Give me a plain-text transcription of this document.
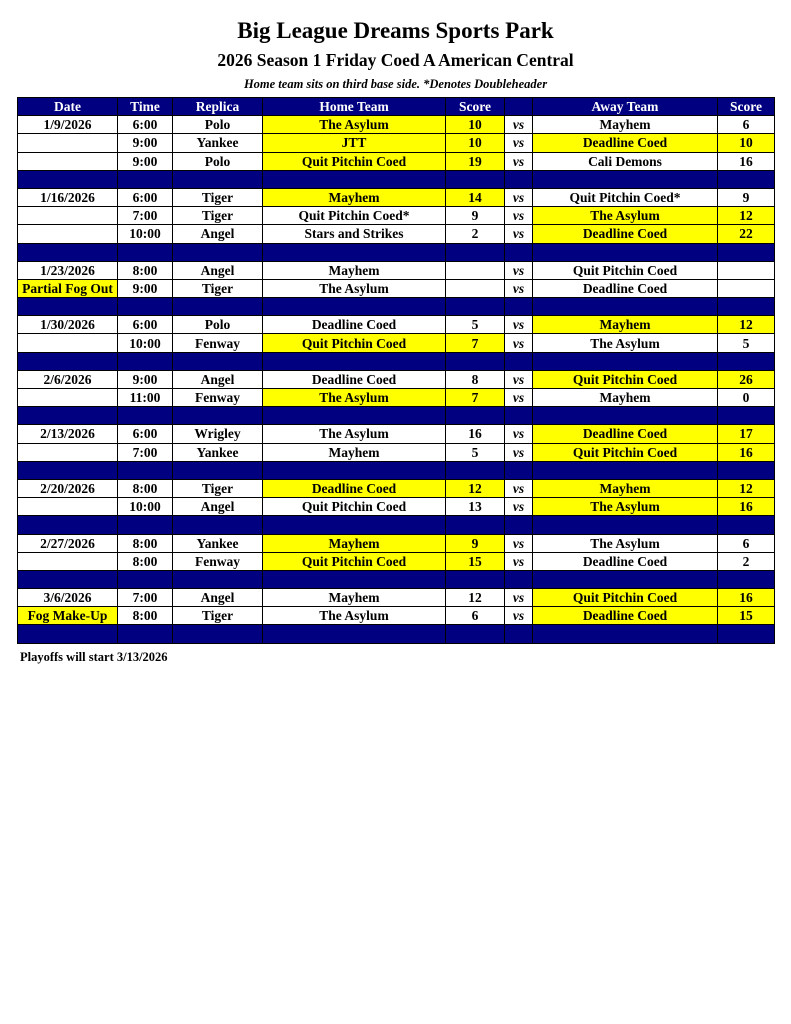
Big League Dreams Sports Park
2026 Season 1 Friday Coed A American Central
Home team sits on third base side. *Denotes Doubleheader
Date	Time	Replica	Home Team	Score		Away Team	Score
1/9/2026	6:00	Polo	The Asylum	10	vs	Mayhem	6
	9:00	Yankee	JTT	10	vs	Deadline Coed	10
	9:00	Polo	Quit Pitchin Coed	19	vs	Cali Demons	16

1/16/2026	6:00	Tiger	Mayhem	14	vs	Quit Pitchin Coed*	9
	7:00	Tiger	Quit Pitchin Coed*	9	vs	The Asylum	12
	10:00	Angel	Stars and Strikes	2	vs	Deadline Coed	22

1/23/2026	8:00	Angel	Mayhem		vs	Quit Pitchin Coed	
Partial Fog Out	9:00	Tiger	The Asylum		vs	Deadline Coed	

1/30/2026	6:00	Polo	Deadline Coed	5	vs	Mayhem	12
	10:00	Fenway	Quit Pitchin Coed	7	vs	The Asylum	5

2/6/2026	9:00	Angel	Deadline Coed	8	vs	Quit Pitchin Coed	26
	11:00	Fenway	The Asylum	7	vs	Mayhem	0

2/13/2026	6:00	Wrigley	The Asylum	16	vs	Deadline Coed	17
	7:00	Yankee	Mayhem	5	vs	Quit Pitchin Coed	16

2/20/2026	8:00	Tiger	Deadline Coed	12	vs	Mayhem	12
	10:00	Angel	Quit Pitchin Coed	13	vs	The Asylum	16

2/27/2026	8:00	Yankee	Mayhem	9	vs	The Asylum	6
	8:00	Fenway	Quit Pitchin Coed	15	vs	Deadline Coed	2

3/6/2026	7:00	Angel	Mayhem	12	vs	Quit Pitchin Coed	16
Fog Make-Up	8:00	Tiger	The Asylum	6	vs	Deadline Coed	15

Playoffs will start 3/13/2026
